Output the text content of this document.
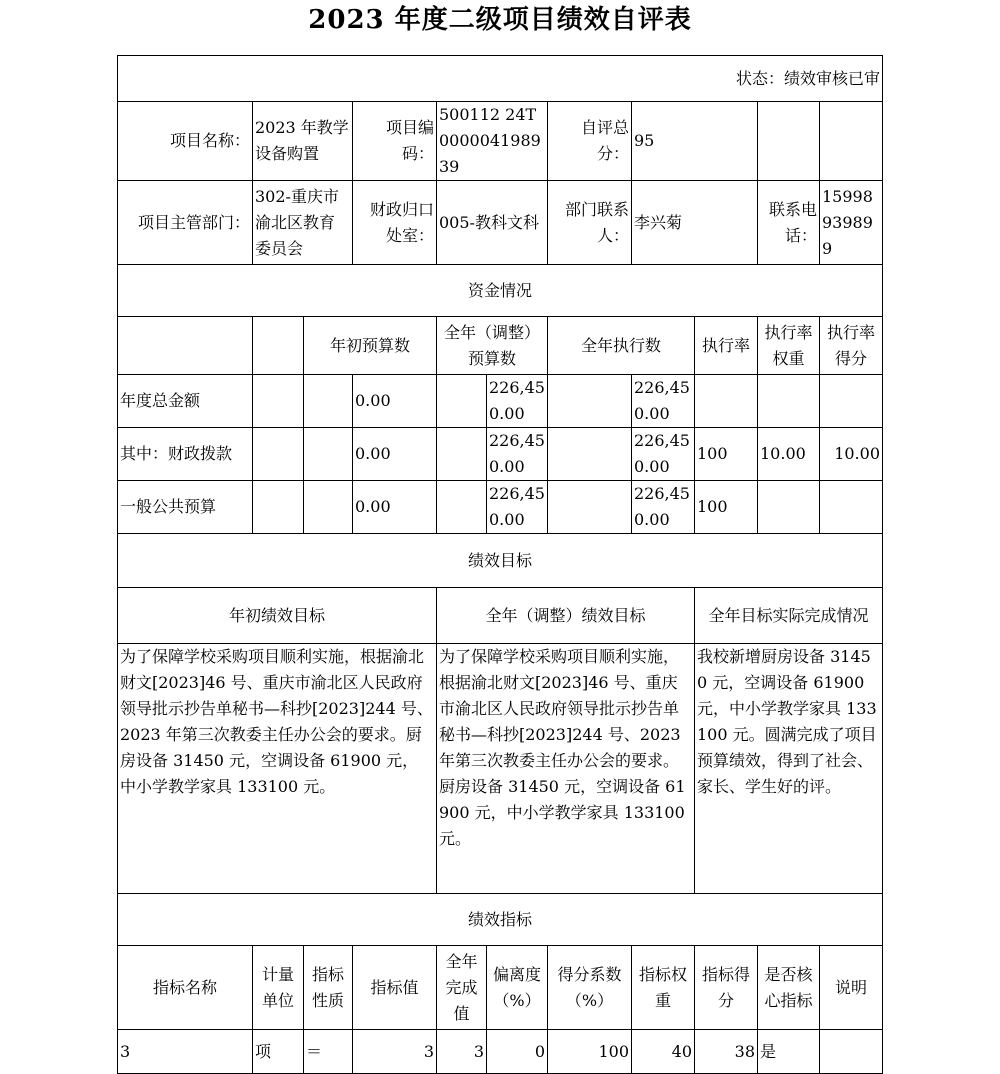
2023 年度二级项目绩效自评表
状态：绩效审核已审										
项目名称：	2023 年教学设备购置		项目编码：	500112 24T000004198939		自评总分：	95			
项目主管部门：	302-重庆市渝北区教育委员会		财政归口处室：	005-教科文科		部门联系人：	李兴菊		联系电话：	15998939899
资金情况										
		年初预算数		全年（调整）预算数		全年执行数		执行率	执行率权重	执行率得分
年度总金额			0.00		226,450.00		226,450.00			
其中：财政拨款			0.00		226,450.00		226,450.00	100	10.00	10.00
一般公共预算			0.00		226,450.00		226,450.00	100		
绩效目标										
年初绩效目标				全年（调整）绩效目标				全年目标实际完成情况		
为了保障学校采购项目顺利实施，根据渝北财文[2023]46 号、重庆市渝北区人民政府领导批示抄告单秘书—科抄[2023]244 号、2023 年第三次教委主任办公会的要求。厨房设备 31450 元，空调设备 61900 元，中小学教学家具 133100 元。				为了保障学校采购项目顺利实施，根据渝北财文[2023]46 号、重庆市渝北区人民政府领导批示抄告单秘书—科抄[2023]244 号、2023 年第三次教委主任办公会的要求。厨房设备 31450 元，空调设备 61900 元，中小学教学家具 133100 元。				我校新增厨房设备 31450 元，空调设备 61900 元，中小学教学家具 133100 元。圆满完成了项目预算绩效，得到了社会、家长、学生好的评。		
绩效指标										
指标名称	计量单位	指标性质	指标值	全年完成值	偏离度（%）	得分系数（%）	指标权重	指标得分	是否核心指标	说明
3	项	＝	3	3	0	100	40	38	是	
